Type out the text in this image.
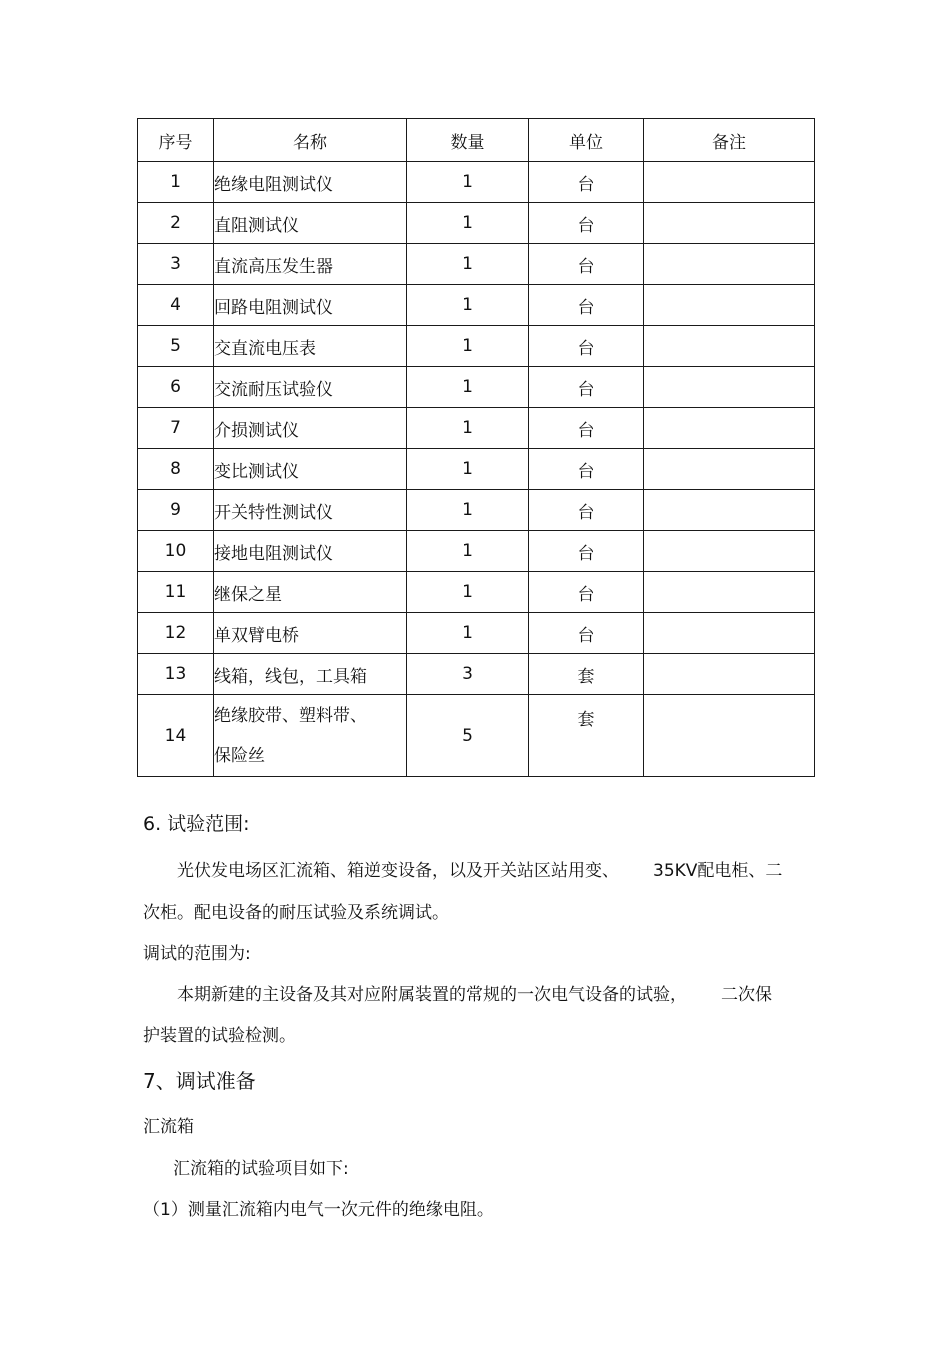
序号	名称	数量	单位	备注
1	绝缘电阻测试仪	1	台	
2	直阻测试仪	1	台	
3	直流高压发生器	1	台	
4	回路电阻测试仪	1	台	
5	交直流电压表	1	台	
6	交流耐压试验仪	1	台	
7	介损测试仪	1	台	
8	变比测试仪	1	台	
9	开关特性测试仪	1	台	
10	接地电阻测试仪	1	台	
11	继保之星	1	台	
12	单双臂电桥	1	台	
13	线箱，线包，工具箱	3	套	
14	绝缘胶带、塑料带、
保险丝	5	套	
6. 试验范围:
光伏发电场区汇流箱、箱逆变设备，以及开关站区站用变、 35KV配电柜、二
次柜。配电设备的耐压试验及系统调试。
调试的范围为:
本期新建的主设备及其对应附属装置的常规的一次电气设备的试验， 二次保
护装置的试验检测。
7、调试准备
汇流箱
汇流箱的试验项目如下:
（1）测量汇流箱内电气一次元件的绝缘电阻。
